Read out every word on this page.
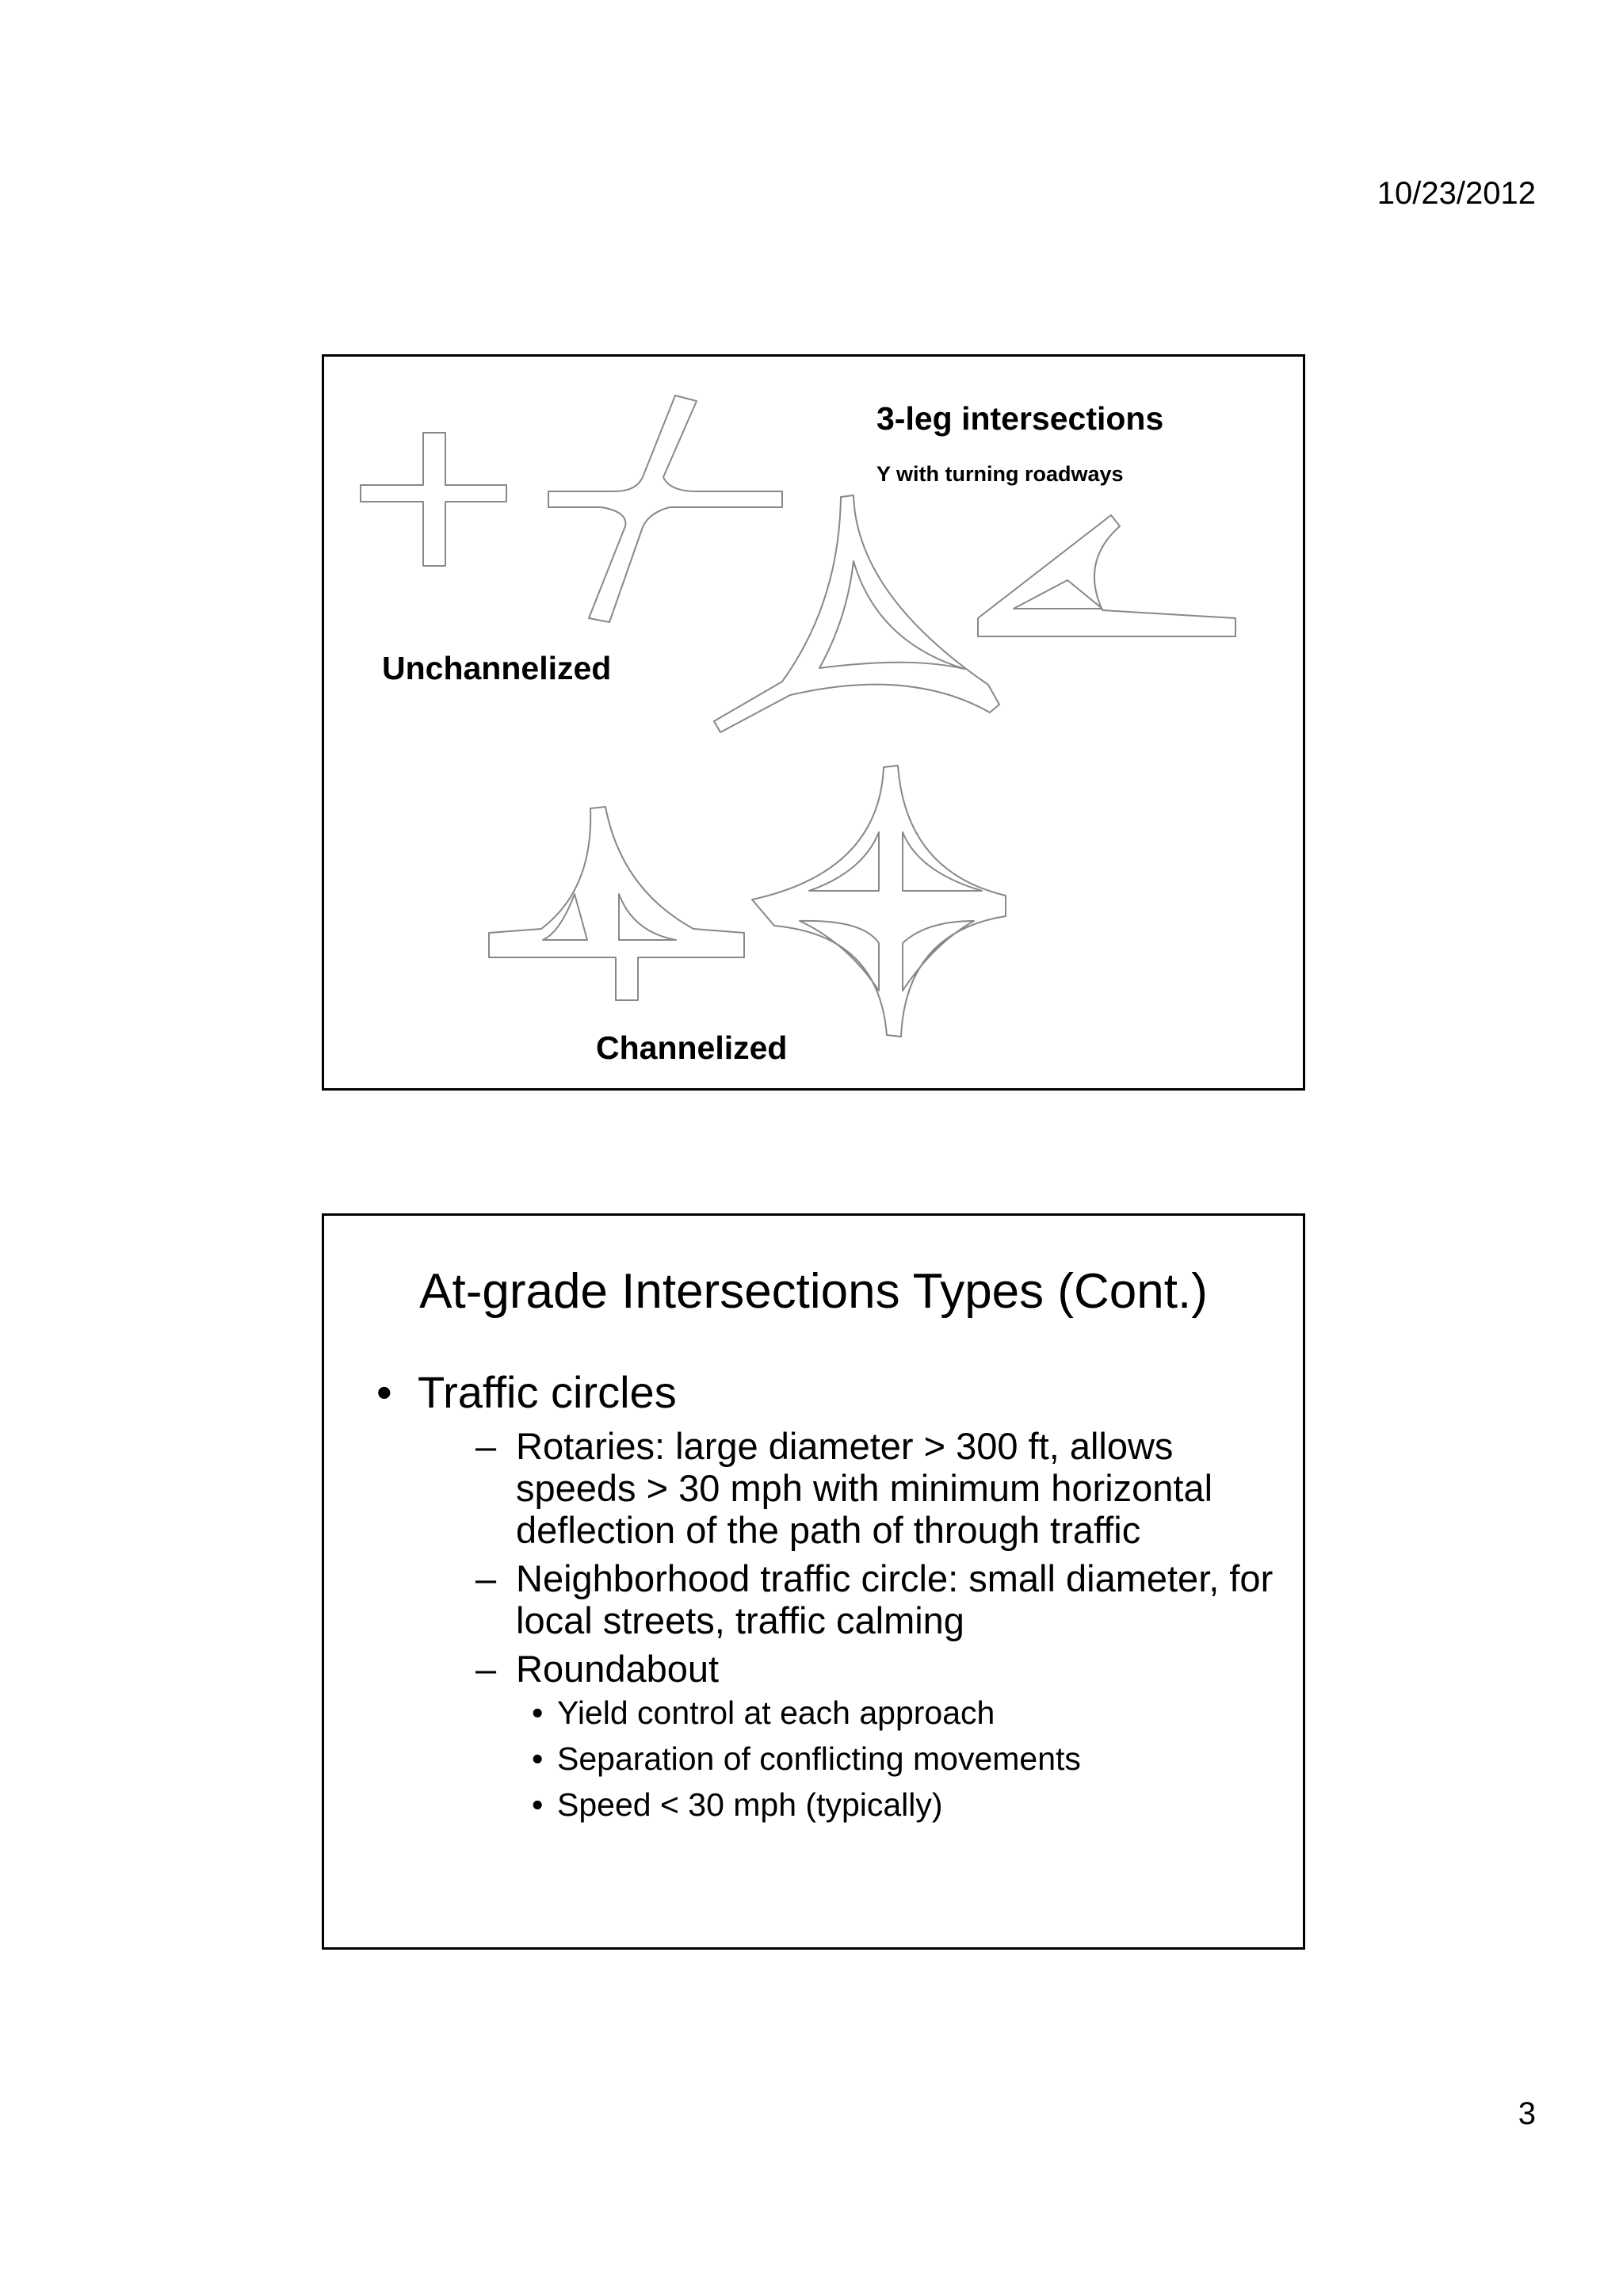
10/23/2012
3-leg intersections
Y with turning roadways
Unchannelized
Channelized
At-grade Intersections Types (Cont.)
• Traffic circles
– Rotaries: large diameter > 300 ft, allows speeds > 30 mph with minimum horizontal deflection of the path of through traffic
– Neighborhood traffic circle: small diameter, for local streets, traffic calming
– Roundabout
• Yield control at each approach
• Separation of conflicting movements
• Speed < 30 mph (typically)
3
